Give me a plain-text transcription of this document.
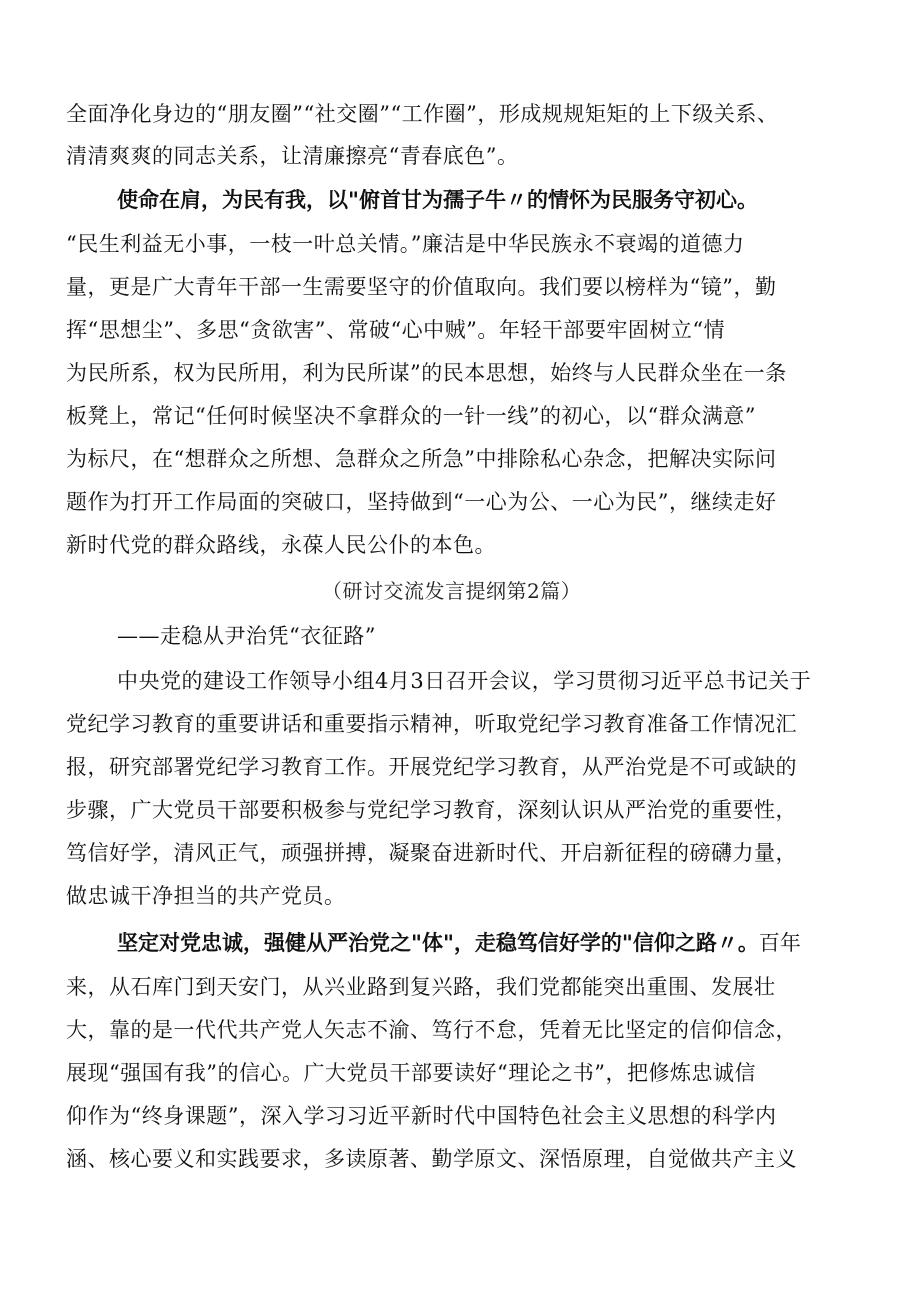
全面净化身边的“朋友圈”“社交圈”“工作圈”，形成规规矩矩的上下级关系、
清清爽爽的同志关系，让清廉擦亮“青春底色”。
使命在肩，为民有我，以"俯首甘为孺子牛〃的情怀为民服务守初心。
“民生利益无小事，一枝一叶总关情。”廉洁是中华民族永不衰竭的道德力
量，更是广大青年干部一生需要坚守的价值取向。我们要以榜样为“镜”，勤
挥“思想尘”、多思“贪欲害”、常破“心中贼”。年轻干部要牢固树立“情
为民所系，权为民所用，利为民所谋”的民本思想，始终与人民群众坐在一条
板凳上，常记“任何时候坚决不拿群众的一针一线”的初心，以“群众满意”
为标尺，在“想群众之所想、急群众之所急”中排除私心杂念，把解决实际问
题作为打开工作局面的突破口，坚持做到“一心为公、一心为民”，继续走好
新时代党的群众路线，永葆人民公仆的本色。
（研讨交流发言提纲第2篇）
——走稳从尹治凭“衣征路”
中央党的建设工作领导小组4月3日召开会议，学习贯彻习近平总书记关于
党纪学习教育的重要讲话和重要指示精神，听取党纪学习教育准备工作情况汇
报，研究部署党纪学习教育工作。开展党纪学习教育，从严治党是不可或缺的
步骤，广大党员干部要积极参与党纪学习教育，深刻认识从严治党的重要性，
笃信好学，清风正气，顽强拼搏，凝聚奋进新时代、开启新征程的磅礴力量，
做忠诚干净担当的共产党员。
坚定对党忠诚，强健从严治党之"体"，走稳笃信好学的"信仰之路〃。百年
来，从石库门到天安门，从兴业路到复兴路，我们党都能突出重围、发展壮
大，靠的是一代代共产党人矢志不渝、笃行不怠，凭着无比坚定的信仰信念，
展现“强国有我”的信心。广大党员干部要读好“理论之书”，把修炼忠诚信
仰作为“终身课题”，深入学习习近平新时代中国特色社会主义思想的科学内
涵、核心要义和实践要求，多读原著、勤学原文、深悟原理，自觉做共产主义
